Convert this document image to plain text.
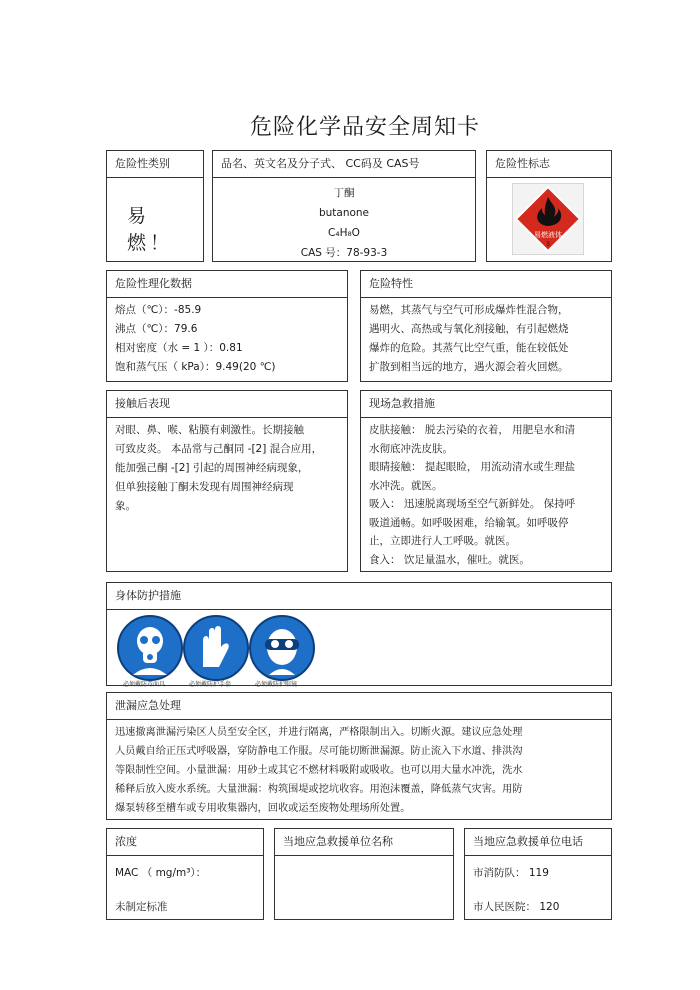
危险化学品安全周知卡
危险性类别
易 燃！
品名、英文名及分子式、 CC码及 CAS号
丁酮
butanone
C₄H₈O
CAS 号：78-93-3
危险性标志
易燃液体
3
危险性理化数据
熔点（℃）：-85.9
沸点（℃）：79.6
相对密度（水 = 1 ）：0.81
饱和蒸气压（ kPa）：9.49(20 ℃)
危险特性
易燃，其蒸气与空气可形成爆炸性混合物，
遇明火、高热或与氧化剂接触，有引起燃烧
爆炸的危险。其蒸气比空气重，能在较低处
扩散到相当远的地方，遇火源会着火回燃。
接触后表现
对眼、鼻、喉、粘膜有刺激性。长期接触
可致皮炎。 本品常与己酮同 -[2] 混合应用，
能加强己酮 -[2] 引起的周围神经病现象，
但单独接触丁酮未发现有周围神经病现
象。
现场急救措施
皮肤接触： 脱去污染的衣着， 用肥皂水和清
水彻底冲洗皮肤。
眼睛接触： 提起眼睑， 用流动清水或生理盐
水冲洗。就医。
吸入： 迅速脱离现场至空气新鲜处。 保持呼
吸道通畅。如呼吸困难，给输氧。如呼吸停
止，立即进行人工呼吸。就医。
食入： 饮足量温水，催吐。就医。
身体防护措施
必须戴防毒面具	必须戴防护手套	必须戴防护眼镜
泄漏应急处理
迅速撤离泄漏污染区人员至安全区，并进行隔离，严格限制出入。切断火源。建议应急处理
人员戴自给正压式呼吸器，穿防静电工作服。尽可能切断泄漏源。防止流入下水道、排洪沟
等限制性空间。小量泄漏：用砂土或其它不燃材料吸附或吸收。也可以用大量水冲洗，洗水
稀释后放入废水系统。大量泄漏：构筑围堤或挖坑收容。用泡沫覆盖，降低蒸气灾害。用防
爆泵转移至槽车或专用收集器内，回收或运至废物处理场所处置。
浓度
MAC （ mg/m³）：
未制定标准
当地应急救援单位名称	当地应急救援单位电话
市消防队： 119
市人民医院： 120
